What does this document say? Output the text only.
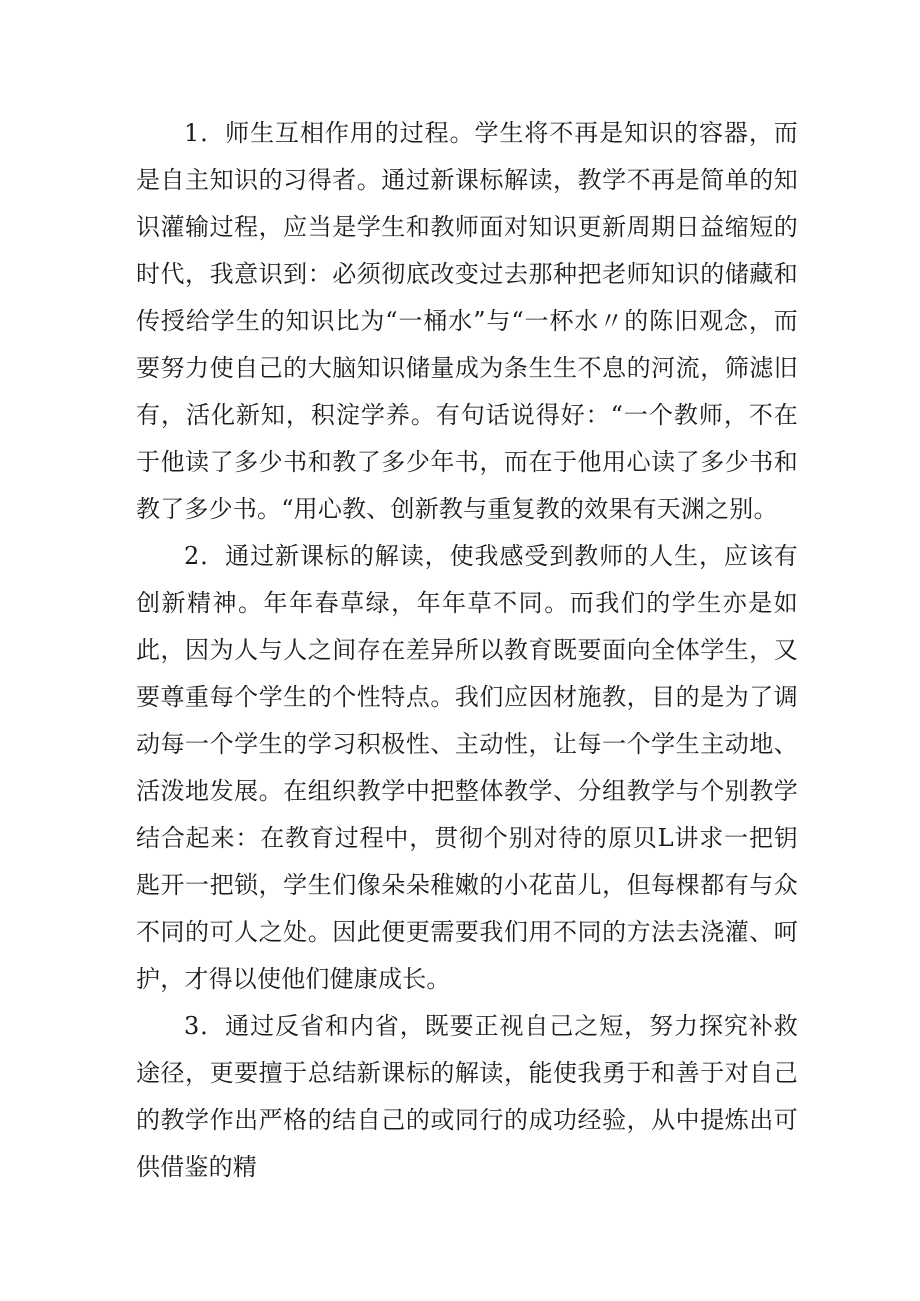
1．师生互相作用的过程。学生将不再是知识的容器，而是自主知识的习得者。通过新课标解读，教学不再是简单的知识灌输过程，应当是学生和教师面对知识更新周期日益缩短的时代，我意识到：必须彻底改变过去那种把老师知识的储藏和传授给学生的知识比为“一桶水”与“一杯水〃的陈旧观念，而要努力使自己的大脑知识储量成为条生生不息的河流，筛滤旧有，活化新知，积淀学养。有句话说得好：“一个教师，不在于他读了多少书和教了多少年书，而在于他用心读了多少书和教了多少书。“用心教、创新教与重复教的效果有天渊之别。

2．通过新课标的解读，使我感受到教师的人生，应该有创新精神。年年春草绿，年年草不同。而我们的学生亦是如此，因为人与人之间存在差异所以教育既要面向全体学生，又要尊重每个学生的个性特点。我们应因材施教，目的是为了调动每一个学生的学习积极性、主动性，让每一个学生主动地、活泼地发展。在组织教学中把整体教学、分组教学与个别教学结合起来：在教育过程中，贯彻个别对待的原贝L讲求一把钥匙开一把锁，学生们像朵朵稚嫩的小花苗儿，但每棵都有与众不同的可人之处。因此便更需要我们用不同的方法去浇灌、呵护，才得以使他们健康成长。

3．通过反省和内省，既要正视自己之短，努力探究补救途径，更要擅于总结新课标的解读，能使我勇于和善于对自己的教学作出严格的结自己的或同行的成功经验，从中提炼出可供借鉴的精
